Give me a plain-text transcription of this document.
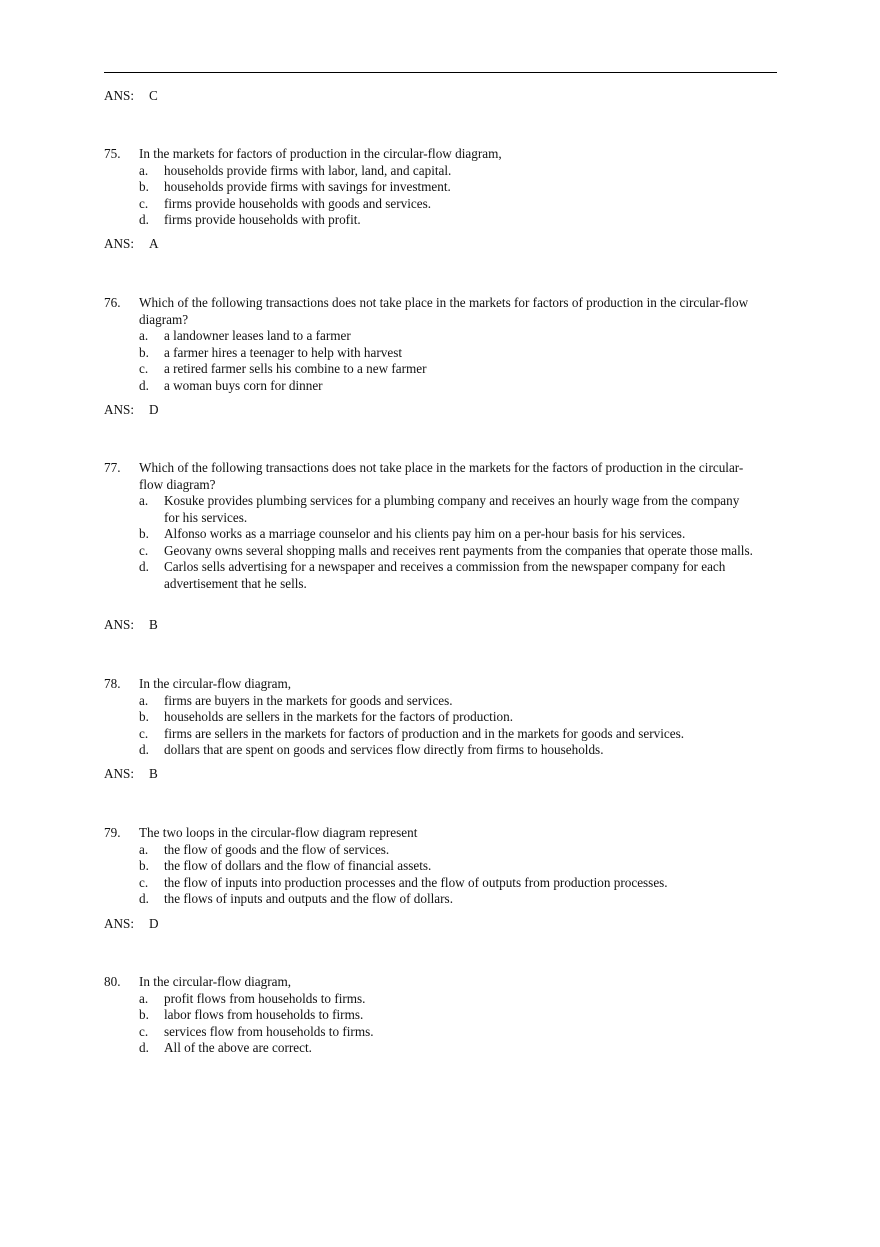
ANS: C
75. In the markets for factors of production in the circular-flow diagram,
a. households provide firms with labor, land, and capital.
b. households provide firms with savings for investment.
c. firms provide households with goods and services.
d. firms provide households with profit.
ANS: A
76. Which of the following transactions does not take place in the markets for factors of production in the circular-flow diagram?
a. a landowner leases land to a farmer
b. a farmer hires a teenager to help with harvest
c. a retired farmer sells his combine to a new farmer
d. a woman buys corn for dinner
ANS: D
77. Which of the following transactions does not take place in the markets for the factors of production in the circular-flow diagram?
a. Kosuke provides plumbing services for a plumbing company and receives an hourly wage from the company for his services.
b. Alfonso works as a marriage counselor and his clients pay him on a per-hour basis for his services.
c. Geovany owns several shopping malls and receives rent payments from the companies that operate those malls.
d. Carlos sells advertising for a newspaper and receives a commission from the newspaper company for each advertisement that he sells.
ANS: B
78. In the circular-flow diagram,
a. firms are buyers in the markets for goods and services.
b. households are sellers in the markets for the factors of production.
c. firms are sellers in the markets for factors of production and in the markets for goods and services.
d. dollars that are spent on goods and services flow directly from firms to households.
ANS: B
79. The two loops in the circular-flow diagram represent
a. the flow of goods and the flow of services.
b. the flow of dollars and the flow of financial assets.
c. the flow of inputs into production processes and the flow of outputs from production processes.
d. the flows of inputs and outputs and the flow of dollars.
ANS: D
80. In the circular-flow diagram,
a. profit flows from households to firms.
b. labor flows from households to firms.
c. services flow from households to firms.
d. All of the above are correct.
